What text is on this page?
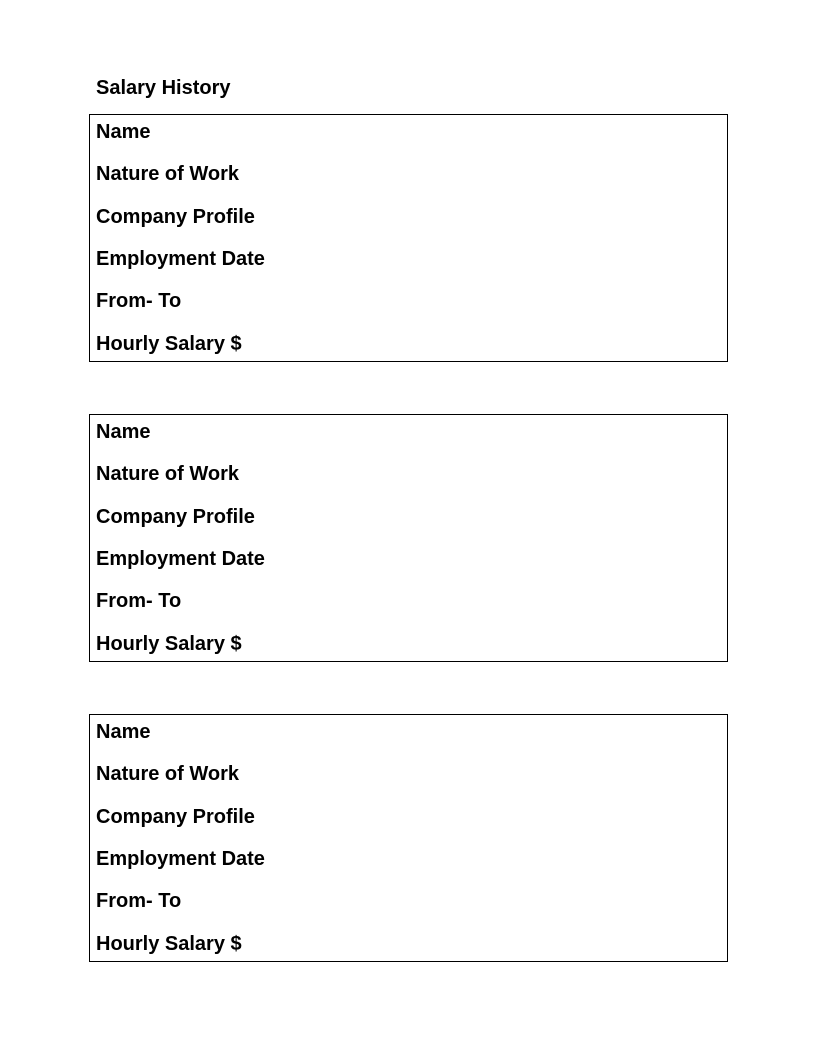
Salary History
Name
Nature of Work
Company Profile
Employment Date
From- To
Hourly Salary $
Name
Nature of Work
Company Profile
Employment Date
From- To
Hourly Salary $
Name
Nature of Work
Company Profile
Employment Date
From- To
Hourly Salary $
